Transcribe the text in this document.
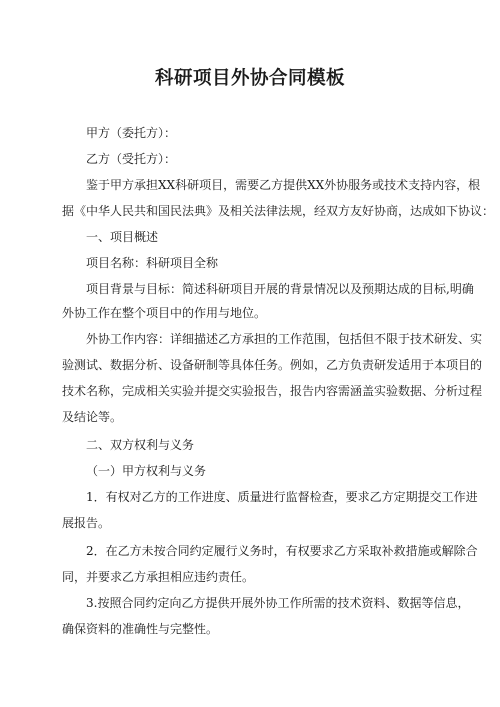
科研项目外协合同模板
甲方（委托方）：
乙方（受托方）：
鉴于甲方承担XX科研项目，需要乙方提供XX外协服务或技术支持内容，根
据《中华人民共和国民法典》及相关法律法规，经双方友好协商，达成如下协议：
一、项目概述
项目名称：科研项目全称
项目背景与目标：简述科研项目开展的背景情况以及预期达成的目标,明确
外协工作在整个项目中的作用与地位。
外协工作内容：详细描述乙方承担的工作范围，包括但不限于技术研发、实
验测试、数据分析、设备研制等具体任务。例如，乙方负责研发适用于本项目的
技术名称，完成相关实验并提交实验报告，报告内容需涵盖实验数据、分析过程
及结论等。
二、双方权利与义务
（一）甲方权利与义务
1．有权对乙方的工作进度、质量进行监督检查，要求乙方定期提交工作进
展报告。
2．在乙方未按合同约定履行义务时，有权要求乙方采取补救措施或解除合
同，并要求乙方承担相应违约责任。
3.按照合同约定向乙方提供开展外协工作所需的技术资料、数据等信息，
确保资料的准确性与完整性。
